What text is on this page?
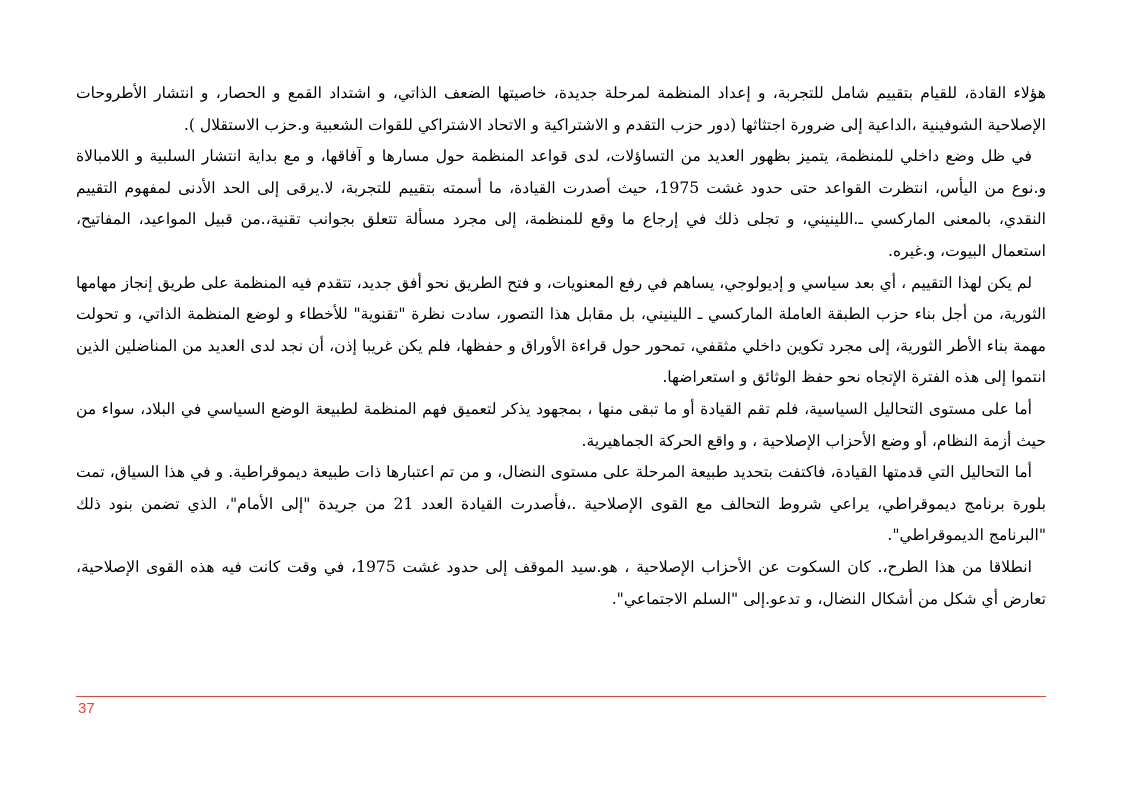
هؤلاء القادة، للقيام بتقييم شامل للتجربة، و إعداد المنظمة لمرحلة جديدة، خاصيتها الضعف الذاتي، و اشتداد القمع و الحصار، و انتشار الأطروحات الإصلاحية الشوفينية ،الداعية إلى ضرورة اجتثاثها (دور حزب التقدم و الاشتراكية و الاتحاد الاشتراكي للقوات الشعبية و.حزب الاستقلال ).

في ظل وضع داخلي للمنظمة، يتميز بظهور العديد من التساؤلات، لدى قواعد المنظمة حول مسارها و آفاقها، و مع بداية انتشار السلبية و اللامبالاة و.نوع من اليأس، انتظرت القواعد حتى حدود غشت 1975، حيث أصدرت القيادة، ما أسمته بتقييم للتجربة، لا.يرقى إلى الحد الأدنى لمفهوم التقييم النقدي، بالمعنى الماركسي ـ.اللينيني، و تجلى ذلك في إرجاع ما وقع للمنظمة، إلى مجرد مسألة تتعلق بجوانب تقنية،.من قبيل المواعيد، المفاتيح، استعمال البيوت، و.غيره.

لم يكن لهذا التقييم ، أي بعد سياسي و إديولوجي، يساهم في رفع المعنويات، و فتح الطريق نحو أفق جديد، تتقدم فيه المنظمة على طريق إنجاز مهامها الثورية، من أجل بناء حزب الطبقة العاملة الماركسي ـ اللينيني، بل مقابل هذا التصور، سادت نظرة "تقنوية" للأخطاء و لوضع المنظمة الذاتي، و تحولت مهمة بناء الأطر الثورية، إلى مجرد تكوين داخلي مثقفي، تمحور حول قراءة الأوراق و حفظها، فلم يكن غريبا إذن، أن نجد لدى العديد من المناضلين الذين انتموا إلى هذه الفترة الإتجاه نحو حفظ الوثائق و استعراضها.

أما على مستوى التحاليل السياسية، فلم تقم القيادة أو ما تبقى منها ، بمجهود يذكر لتعميق فهم المنظمة لطبيعة الوضع السياسي في البلاد، سواء من حيث أزمة النظام، أو وضع الأحزاب الإصلاحية ، و واقع الحركة الجماهيرية.

أما التحاليل التي قدمتها القيادة، فاكتفت بتحديد طبيعة المرحلة على مستوى النضال، و من تم اعتبارها ذات طبيعة ديموقراطية. و في هذا السياق، تمت بلورة برنامج ديموقراطي، يراعي شروط التحالف مع القوى الإصلاحية .،فأصدرت القيادة العدد 21 من جريدة "إلى الأمام"، الذي تضمن بنود ذلك "البرنامج الديموقراطي".

انطلاقا من هذا الطرح،. كان السكوت عن الأحزاب الإصلاحية ، هو.سيد الموقف إلى حدود غشت 1975، في وقت كانت فيه هذه القوى الإصلاحية، تعارض أي شكل من أشكال النضال، و تدعو.إلى "السلم الاجتماعي".

37
